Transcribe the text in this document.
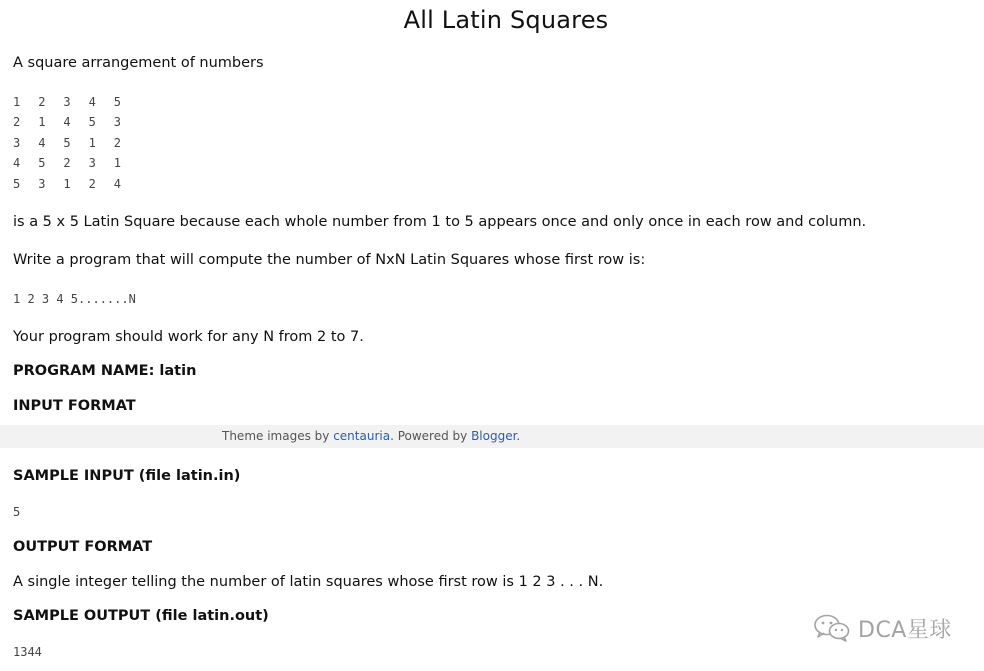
All Latin Squares

A square arrangement of numbers

1 2 3 4 5
2 1 4 5 3
3 4 5 1 2
4 5 2 3 1
5 3 1 2 4

is a 5 x 5 Latin Square because each whole number from 1 to 5 appears once and only once in each row and column.

Write a program that will compute the number of NxN Latin Squares whose first row is:

1 2 3 4 5.......N

Your program should work for any N from 2 to 7.

PROGRAM NAME: latin

INPUT FORMAT

Theme images by centauria. Powered by Blogger.

SAMPLE INPUT (file latin.in)

5

OUTPUT FORMAT

A single integer telling the number of latin squares whose first row is 1 2 3 . . . N.

SAMPLE OUTPUT (file latin.out)

1344
DCA星球
